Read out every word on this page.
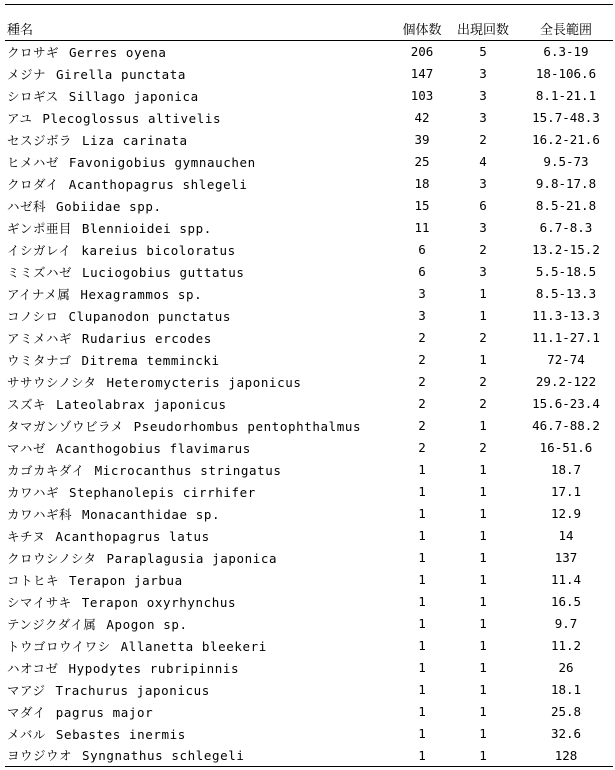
種名	個体数	出現回数	全長範囲
クロサギ Gerres oyena	206	5	6.3-19
メジナ Girella punctata	147	3	18-106.6
シロギス Sillago japonica	103	3	8.1-21.1
アユ Plecoglossus altivelis	42	3	15.7-48.3
セスジボラ Liza carinata	39	2	16.2-21.6
ヒメハゼ Favonigobius gymnauchen	25	4	9.5-73
クロダイ Acanthopagrus shlegeli	18	3	9.8-17.8
ハゼ科 Gobiidae spp.	15	6	8.5-21.8
ギンポ亜目 Blennioidei spp.	11	3	6.7-8.3
イシガレイ kareius bicoloratus	6	2	13.2-15.2
ミミズハゼ Luciogobius guttatus	6	3	5.5-18.5
アイナメ属 Hexagrammos sp.	3	1	8.5-13.3
コノシロ Clupanodon punctatus	3	1	11.3-13.3
アミメハギ Rudarius ercodes	2	2	11.1-27.1
ウミタナゴ Ditrema temmincki	2	1	72-74
ササウシノシタ Heteromycteris japonicus	2	2	29.2-122
スズキ Lateolabrax japonicus	2	2	15.6-23.4
タマガンゾウビラメ Pseudorhombus pentophthalmus	2	1	46.7-88.2
マハゼ Acanthogobius flavimarus	2	2	16-51.6
カゴカキダイ Microcanthus stringatus	1	1	18.7
カワハギ Stephanolepis cirrhifer	1	1	17.1
カワハギ科 Monacanthidae sp.	1	1	12.9
キチヌ Acanthopagrus latus	1	1	14
クロウシノシタ Paraplagusia japonica	1	1	137
コトヒキ Terapon jarbua	1	1	11.4
シマイサキ Terapon oxyrhynchus	1	1	16.5
テンジクダイ属 Apogon sp.	1	1	9.7
トウゴロウイワシ Allanetta bleekeri	1	1	11.2
ハオコゼ Hypodytes rubripinnis	1	1	26
マアジ Trachurus japonicus	1	1	18.1
マダイ pagrus major	1	1	25.8
メバル Sebastes inermis	1	1	32.6
ヨウジウオ Syngnathus schlegeli	1	1	128
